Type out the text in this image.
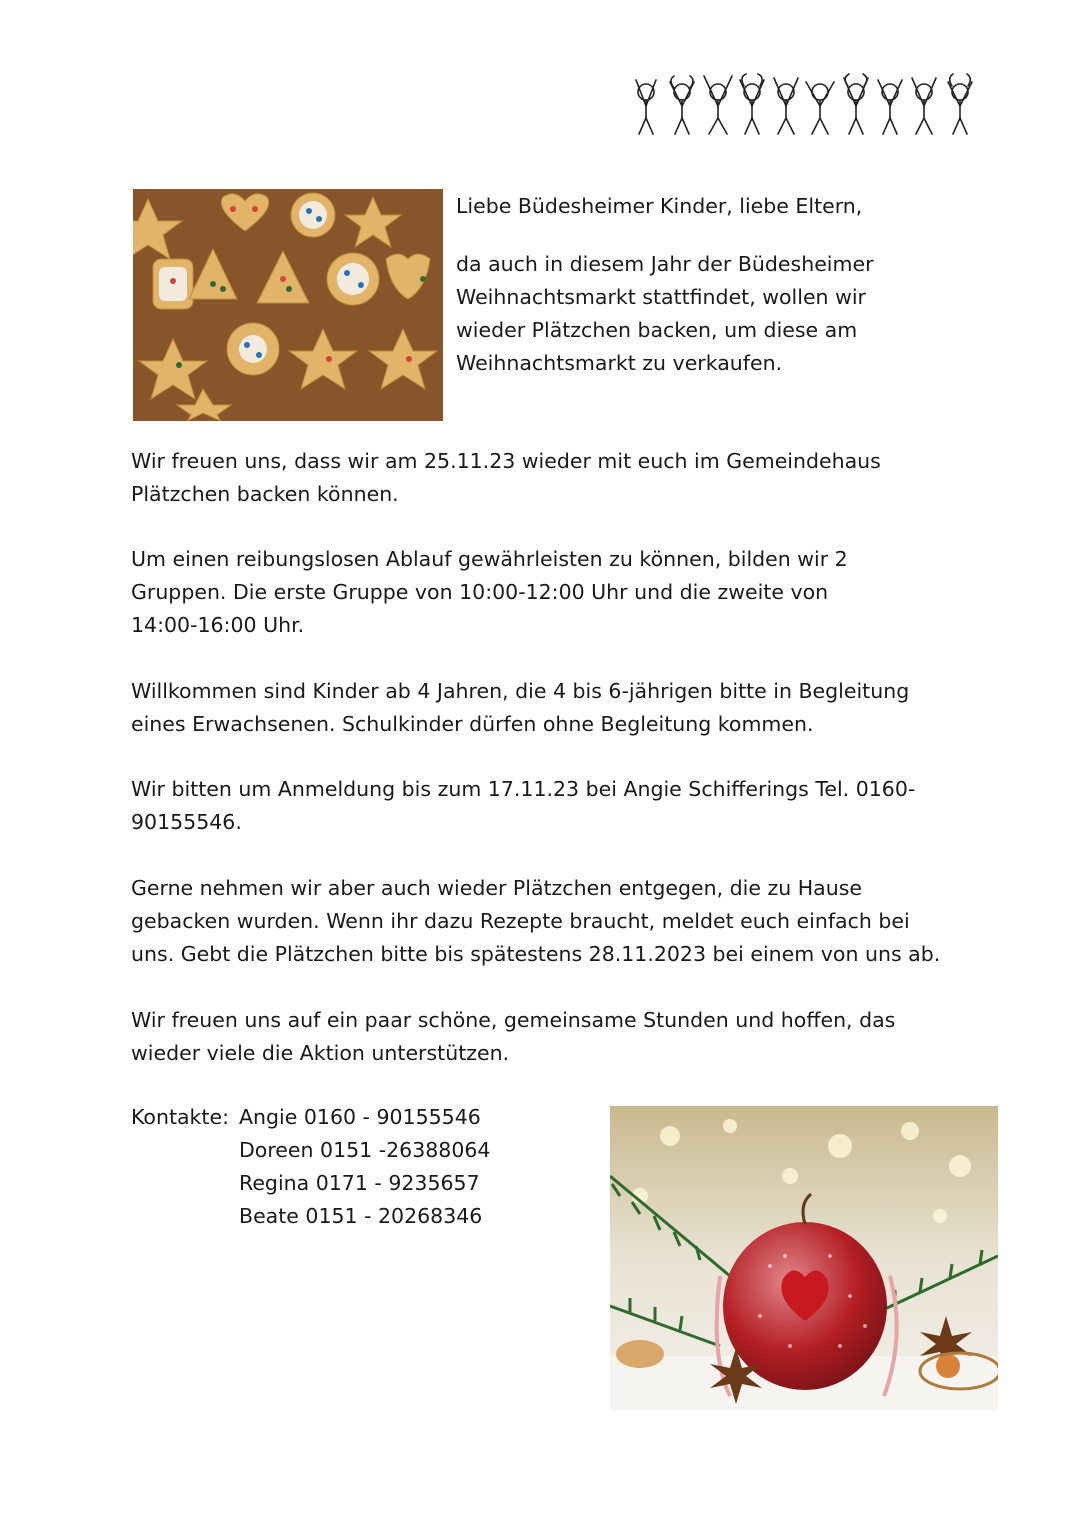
Liebe Büdesheimer Kinder, liebe Eltern,

da auch in diesem Jahr der Büdesheimer

Weihnachtsmarkt stattfindet, wollen wir

wieder Plätzchen backen, um diese am

Weihnachtsmarkt zu verkaufen.

Wir freuen uns, dass wir am 25.11.23 wieder mit euch im Gemeindehaus

Plätzchen backen können.

Um einen reibungslosen Ablauf gewährleisten zu können, bilden wir 2

Gruppen. Die erste Gruppe von 10:00-12:00 Uhr und die zweite von

14:00-16:00 Uhr.

Willkommen sind Kinder ab 4 Jahren, die 4 bis 6-jährigen bitte in Begleitung

eines Erwachsenen. Schulkinder dürfen ohne Begleitung kommen.

Wir bitten um Anmeldung bis zum 17.11.23 bei Angie Schifferings Tel. 0160-

90155546.

Gerne nehmen wir aber auch wieder Plätzchen entgegen, die zu Hause

gebacken wurden. Wenn ihr dazu Rezepte braucht, meldet euch einfach bei

uns. Gebt die Plätzchen bitte bis spätestens 28.11.2023 bei einem von uns ab.

Wir freuen uns auf ein paar schöne, gemeinsame Stunden und hoffen, das

wieder viele die Aktion unterstützen.

Kontakte: Angie 0160 - 90155546
Doreen 0151 -26388064
Regina 0171 - 9235657
Beate 0151 - 20268346
